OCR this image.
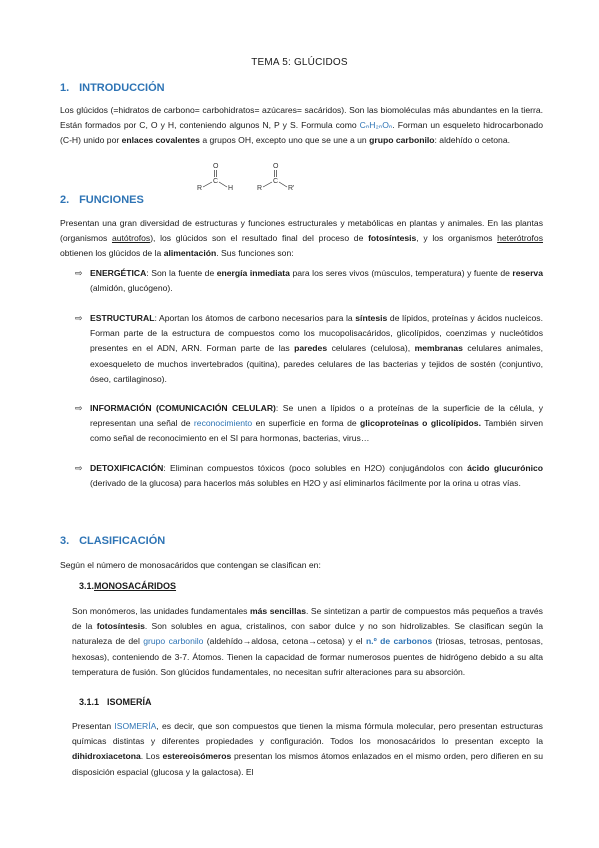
TEMA 5: GLÚCIDOS
1. INTRODUCCIÓN
Los glúcidos (=hidratos de carbono= carbohidratos= azúcares= sacáridos). Son las biomoléculas más abundantes en la tierra. Están formados por C, O y H, conteniendo algunos N, P y S. Formula como CₙH₂ₙOₙ. Forman un esqueleto hidrocarbonado (C-H) unido por enlaces covalentes a grupos OH, excepto uno que se une a un grupo carbonilo: aldehído o cetona.
O
C
R	H
O
C
R	R'
2. FUNCIONES
Presentan una gran diversidad de estructuras y funciones estructurales y metabólicas en plantas y animales. En las plantas (organismos autótrofos), los glúcidos son el resultado final del proceso de fotosíntesis, y los organismos heterótrofos obtienen los glúcidos de la alimentación. Sus funciones son:
⇨ ENERGÉTICA: Son la fuente de energía inmediata para los seres vivos (músculos, temperatura) y fuente de reserva (almidón, glucógeno).
⇨ ESTRUCTURAL: Aportan los átomos de carbono necesarios para la síntesis de lípidos, proteínas y ácidos nucleicos. Forman parte de la estructura de compuestos como los mucopolisacáridos, glicolípidos, coenzimas y nucleótidos presentes en el ADN, ARN. Forman parte de las paredes celulares (celulosa), membranas celulares animales, exoesqueleto de muchos invertebrados (quitina), paredes celulares de las bacterias y tejidos de sostén (conjuntivo, óseo, cartilaginoso).
⇨ INFORMACIÓN (COMUNICACIÓN CELULAR): Se unen a lípidos o a proteínas de la superficie de la célula, y representan una señal de reconocimiento en superficie en forma de glicoproteínas o glicolípidos. También sirven como señal de reconocimiento en el SI para hormonas, bacterias, virus…
⇨ DETOXIFICACIÓN: Eliminan compuestos tóxicos (poco solubles en H2O) conjugándolos con ácido glucurónico (derivado de la glucosa) para hacerlos más solubles en H2O y así eliminarlos fácilmente por la orina u otras vías.
3. CLASIFICACIÓN
Según el número de monosacáridos que contengan se clasifican en:
3.1.MONOSACÁRIDOS
Son monómeros, las unidades fundamentales más sencillas. Se sintetizan a partir de compuestos más pequeños a través de la fotosíntesis. Son solubles en agua, cristalinos, con sabor dulce y no son hidrolizables. Se clasifican según la naturaleza de del grupo carbonilo (aldehído→aldosa, cetona→cetosa) y el n.º de carbonos (triosas, tetrosas, pentosas, hexosas), conteniendo de 3-7. Átomos. Tienen la capacidad de formar numerosos puentes de hidrógeno debido a su alta temperatura de fusión. Son glúcidos fundamentales, no necesitan sufrir alteraciones para su absorción.
3.1.1 ISOMERÍA
Presentan ISOMERÍA, es decir, que son compuestos que tienen la misma fórmula molecular, pero presentan estructuras químicas distintas y diferentes propiedades y configuración. Todos los monosacáridos lo presentan excepto la dihidroxiacetona. Los estereoisómeros presentan los mismos átomos enlazados en el mismo orden, pero difieren en su disposición espacial (glucosa y la galactosa). El
